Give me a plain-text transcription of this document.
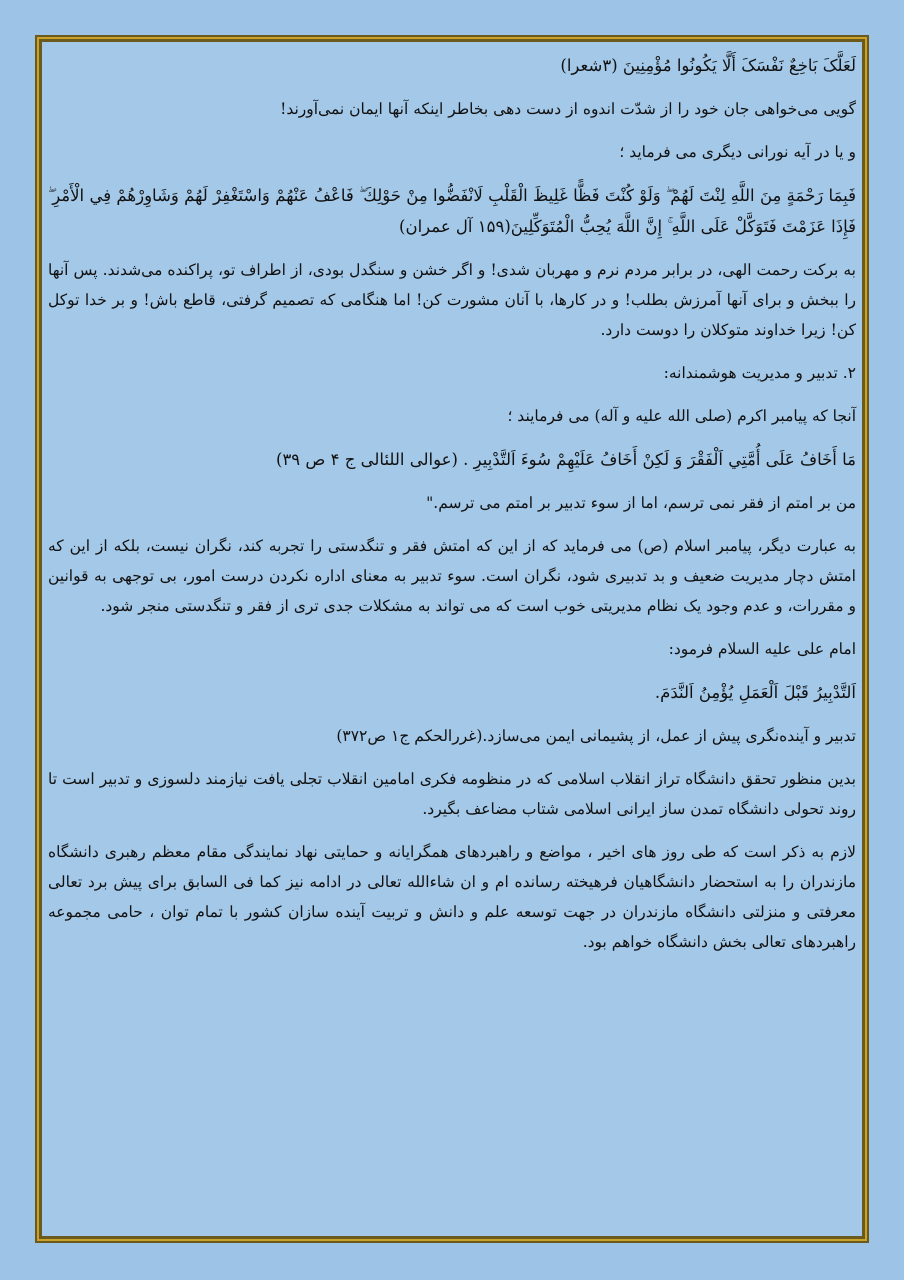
لَعَلَّکَ بَاخِعٌ نَفْسَکَ أَلَّا یَکُونُوا مُؤْمِنِینَ (۳شعرا)

گویی می‌خواهی جان خود را از شدّت اندوه از دست دهی بخاطر اینکه آنها ایمان نمی‌آورند!

و یا در آیه نورانی دیگری می فرماید ؛

فَبِمَا رَحْمَةٍ مِنَ اللَّهِ لِنْتَ لَهُمْ ۖ وَلَوْ كُنْتَ فَظًّا غَلِيظَ الْقَلْبِ لَانْفَضُّوا مِنْ حَوْلِكَ ۖ فَاعْفُ عَنْهُمْ وَاسْتَغْفِرْ لَهُمْ وَشَاوِرْهُمْ فِي الْأَمْرِ ۖ فَإِذَا عَزَمْتَ فَتَوَكَّلْ عَلَى اللَّهِ ۚ إِنَّ اللَّهَ يُحِبُّ الْمُتَوَكِّلِينَ(۱۵۹ آل عمران)

به برکت رحمت الهی، در برابر مردم نرم و مهربان شدی! و اگر خشن و سنگدل بودی، از اطراف تو، پراکنده می‌شدند. پس آنها را ببخش و برای آنها آمرزش بطلب! و در کارها، با آنان مشورت کن! اما هنگامی که تصمیم گرفتی، قاطع باش! و بر خدا توکل کن! زیرا خداوند متوکلان را دوست دارد.

۲. تدبیر و مدیریت هوشمندانه:

آنجا که پیامبر اکرم (صلی الله علیه و آله) می فرمایند ؛

مَا أَخَافُ عَلَى أُمَّتِي اَلْفَقْرَ وَ لَكِنْ أَخَافُ عَلَيْهِمْ سُوءَ اَلتَّدْبِيرِ . (عوالی اللئالی ج ۴ ص ۳۹)

من بر امتم از فقر نمی ترسم، اما از سوء تدبیر بر امتم می ترسم."

به عبارت دیگر، پیامبر اسلام (ص) می فرماید که از این که امتش فقر و تنگدستی را تجربه کند، نگران نیست، بلکه از این که امتش دچار مدیریت ضعیف و بد تدبیری شود، نگران است. سوء تدبیر به معنای اداره نکردن درست امور، بی توجهی به قوانین و مقررات، و عدم وجود یک نظام مدیریتی خوب است که می تواند به مشکلات جدی تری از فقر و تنگدستی منجر شود.

امام علی علیه السلام فرمود:

اَلتَّدْبِيرُ قَبْلَ اَلْعَمَلِ يُؤْمِنُ اَلنَّدَمَ.

تدبیر و آینده‌نگری پیش از عمل، از پشیمانی ایمن می‌سازد.(غررالحکم ج۱ ص۳۷۲)

بدین منظور تحقق دانشگاه تراز انقلاب اسلامی که در منظومه فکری امامین انقلاب تجلی یافت نیازمند دلسوزی و تدبیر است تا روند تحولی دانشگاه تمدن ساز ایرانی اسلامی شتاب مضاعف بگیرد.

لازم به ذکر است که طی روز های اخیر ، مواضع و راهبردهای همگرایانه و حمایتی نهاد نمایندگی مقام معظم رهبری دانشگاه مازندران را به استحضار دانشگاهیان فرهیخته رسانده ام و ان شاءالله تعالی در ادامه نیز کما فی السابق برای پیش برد تعالی معرفتی و منزلتی دانشگاه مازندران در جهت توسعه علم و دانش و تربیت آینده سازان کشور با تمام توان ، حامی مجموعه راهبردهای تعالی بخش دانشگاه خواهم بود.
